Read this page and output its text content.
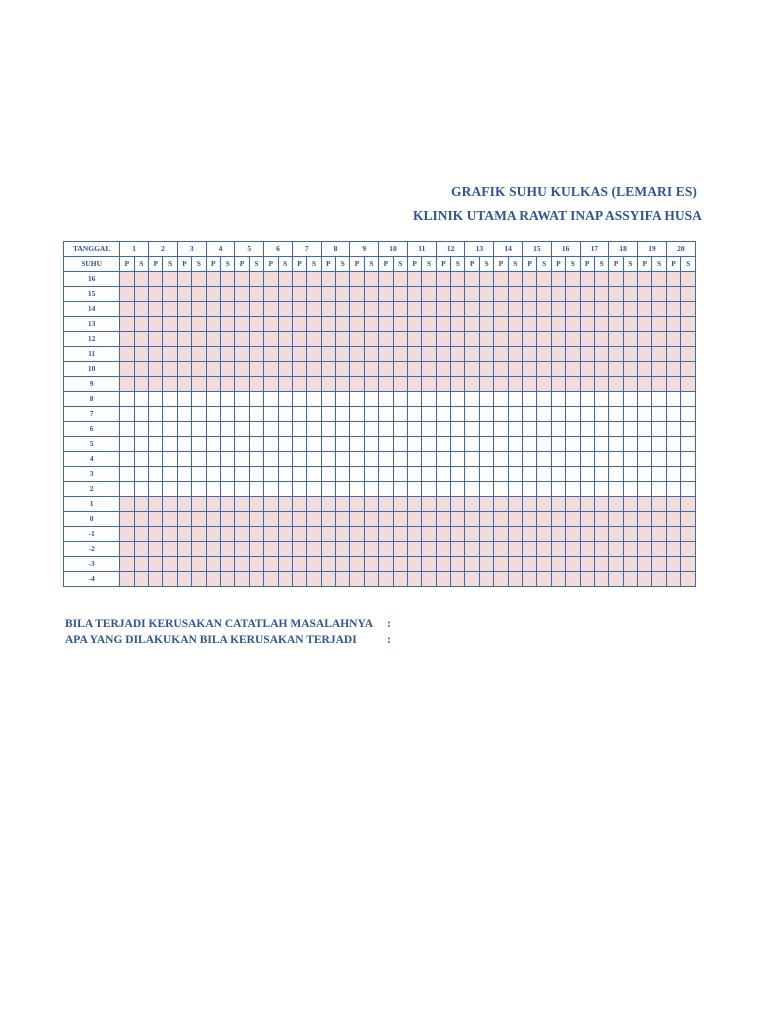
GRAFIK SUHU KULKAS (LEMARI ES)
KLINIK UTAMA RAWAT INAP ASSYIFA HUSA
TANGGAL	1		2		3		4		5		6		7		8		9		10		11		12		13		14		15		16		17		18		19		20	
SUHU	P	S	P	S	P	S	P	S	P	S	P	S	P	S	P	S	P	S	P	S	P	S	P	S	P	S	P	S	P	S	P	S	P	S	P	S	P	S	P	S
16																																								
15																																								
14																																								
13																																								
12																																								
11																																								
10																																								
9																																								
8																																								
7																																								
6																																								
5																																								
4																																								
3																																								
2																																								
1																																								
0																																								
-1																																								
-2																																								
-3																																								
-4																																								
BILA TERJADI KERUSAKAN CATATLAH MASALAHNYA :
APA YANG DILAKUKAN BILA KERUSAKAN TERJADI	:
